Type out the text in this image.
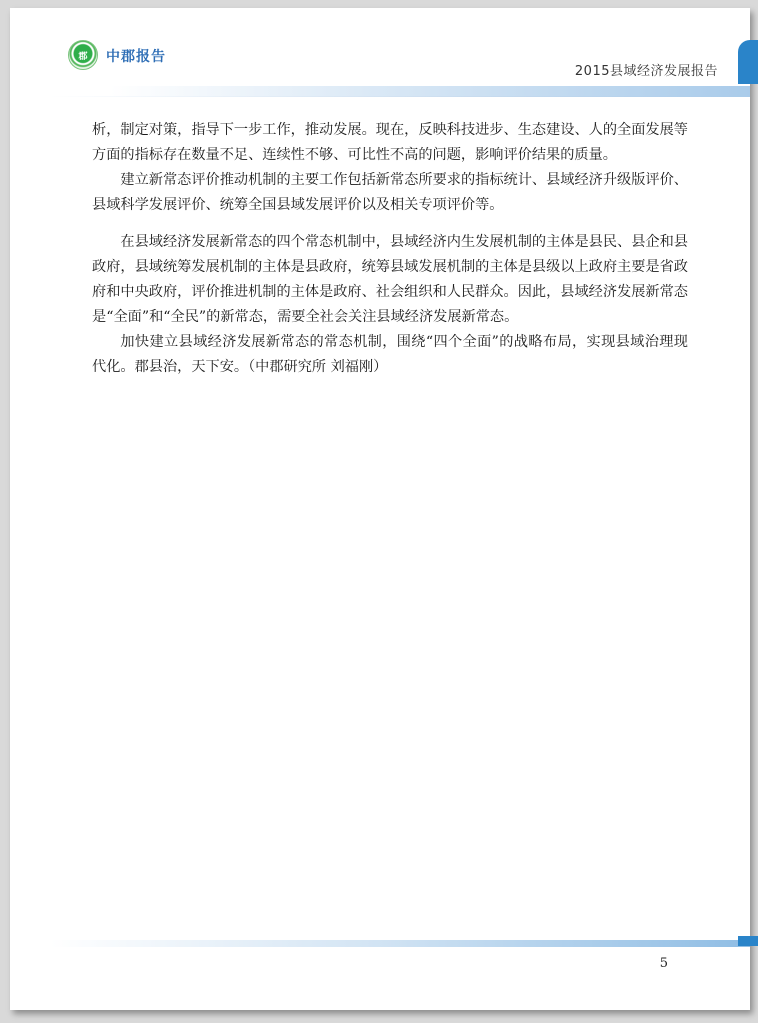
郡 中郡报告
2015县域经济发展报告

析，制定对策，指导下一步工作，推动发展。现在，反映科技进步、生态建设、人的全面发展等方面的指标存在数量不足、连续性不够、可比性不高的问题，影响评价结果的质量。

建立新常态评价推动机制的主要工作包括新常态所要求的指标统计、县域经济升级版评价、县域科学发展评价、统筹全国县域发展评价以及相关专项评价等。

在县域经济发展新常态的四个常态机制中，县域经济内生发展机制的主体是县民、县企和县政府，县域统筹发展机制的主体是县政府，统筹县域发展机制的主体是县级以上政府主要是省政府和中央政府，评价推进机制的主体是政府、社会组织和人民群众。因此，县域经济发展新常态是“全面”和“全民”的新常态，需要全社会关注县域经济发展新常态。

加快建立县域经济发展新常态的常态机制，围绕“四个全面”的战略布局，实现县域治理现代化。郡县治，天下安。（中郡研究所 刘福刚）

5
